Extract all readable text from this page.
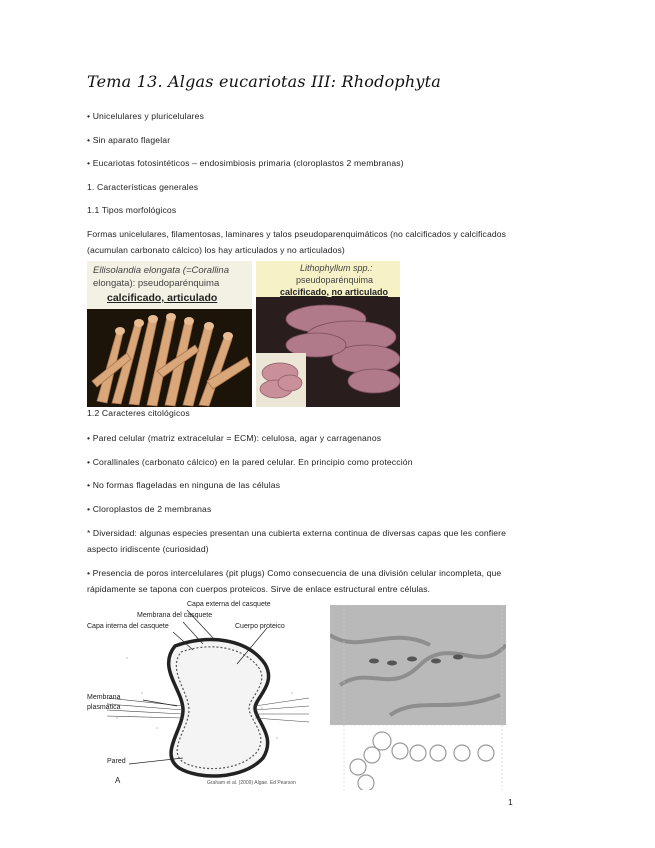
Tema 13. Algas eucariotas III: Rhodophyta
• Unicelulares y pluricelulares
• Sin aparato flagelar
• Eucariotas fotosintéticos – endosimbiosis primaria (cloroplastos 2 membranas)
1. Características generales
1.1 Tipos morfológicos
Formas unicelulares, filamentosas, laminares y talos pseudoparenquimáticos (no calcificados y calcificados (acumulan carbonato cálcico) los hay articulados y no articulados)
Ellisolandia elongata (=Corallina
elongata): pseudoparénquima
calcificado, articulado
Lithophyllum spp.:
pseudoparénquima
calcificado, no articulado
1.2 Caracteres citológicos
• Pared celular (matriz extracelular = ECM): celulosa, agar y carragenanos
• Corallinales (carbonato cálcico) en la pared celular. En principio como protección
• No formas flageladas en ninguna de las células
• Cloroplastos de 2 membranas
* Diversidad: algunas especies presentan una cubierta externa continua de diversas capas que les confiere aspecto iridiscente (curiosidad)
• Presencia de poros intercelulares (pit plugs) Como consecuencia de una división celular incompleta, que rápidamente se tapona con cuerpos proteicos. Sirve de enlace estructural entre células.
Capa externa del casquete
Membrana del casquete
Capa interna del casquete	Cuerpo proteico
Membrana
plasmática
Pared
A	Graham et al. (2009) Algae. Ed Pearson
1
